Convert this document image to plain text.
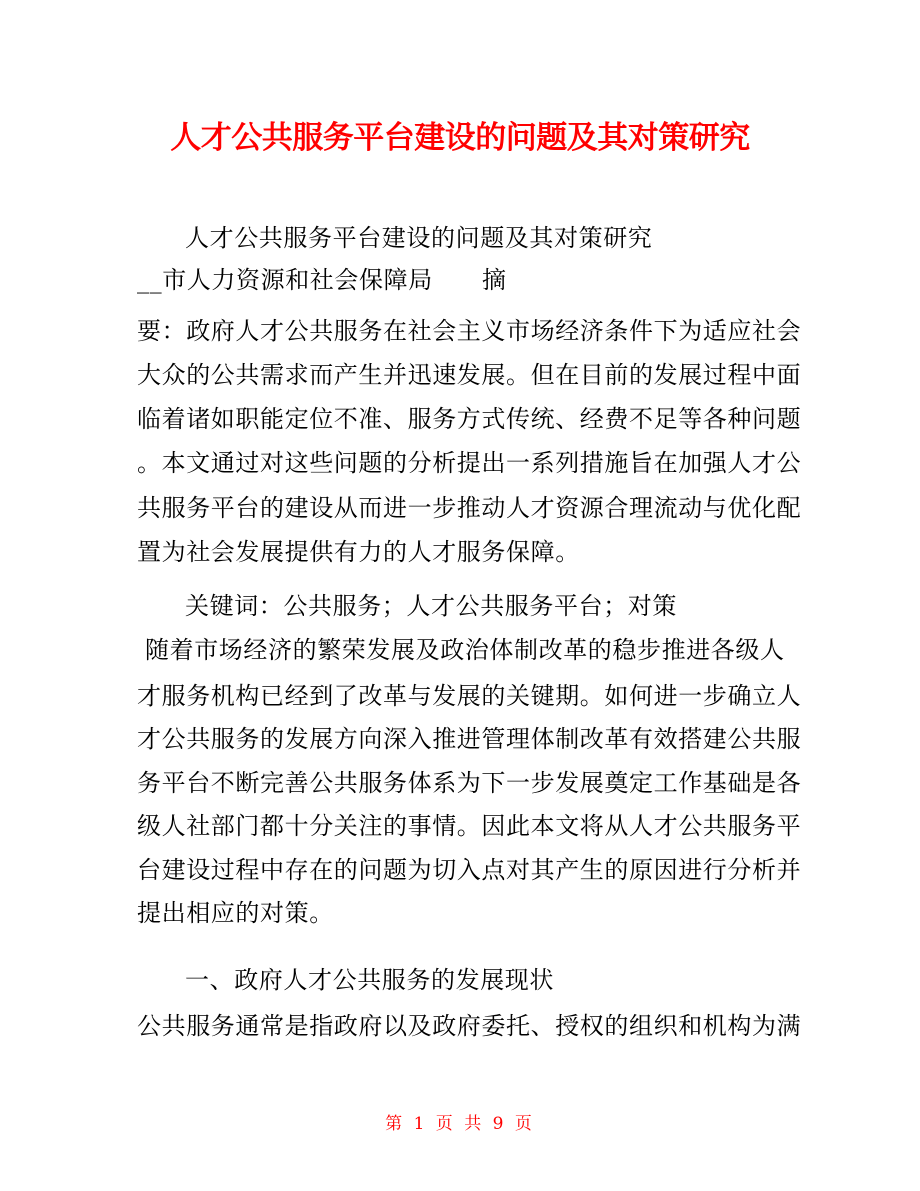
人才公共服务平台建设的问题及其对策研究
人才公共服务平台建设的问题及其对策研究
__市人力资源和社会保障局　　摘
要：政府人才公共服务在社会主义市场经济条件下为适应社会
大众的公共需求而产生并迅速发展。但在目前的发展过程中面
临着诸如职能定位不准、服务方式传统、经费不足等各种问题
。本文通过对这些问题的分析提出一系列措施旨在加强人才公
共服务平台的建设从而进一步推动人才资源合理流动与优化配
置为社会发展提供有力的人才服务保障。
关键词：公共服务；人才公共服务平台；对策
随着市场经济的繁荣发展及政治体制改革的稳步推进各级人
才服务机构已经到了改革与发展的关键期。如何进一步确立人
才公共服务的发展方向深入推进管理体制改革有效搭建公共服
务平台不断完善公共服务体系为下一步发展奠定工作基础是各
级人社部门都十分关注的事情。因此本文将从人才公共服务平
台建设过程中存在的问题为切入点对其产生的原因进行分析并
提出相应的对策。
一、政府人才公共服务的发展现状
公共服务通常是指政府以及政府委托、授权的组织和机构为满
第 1 页 共 9 页
